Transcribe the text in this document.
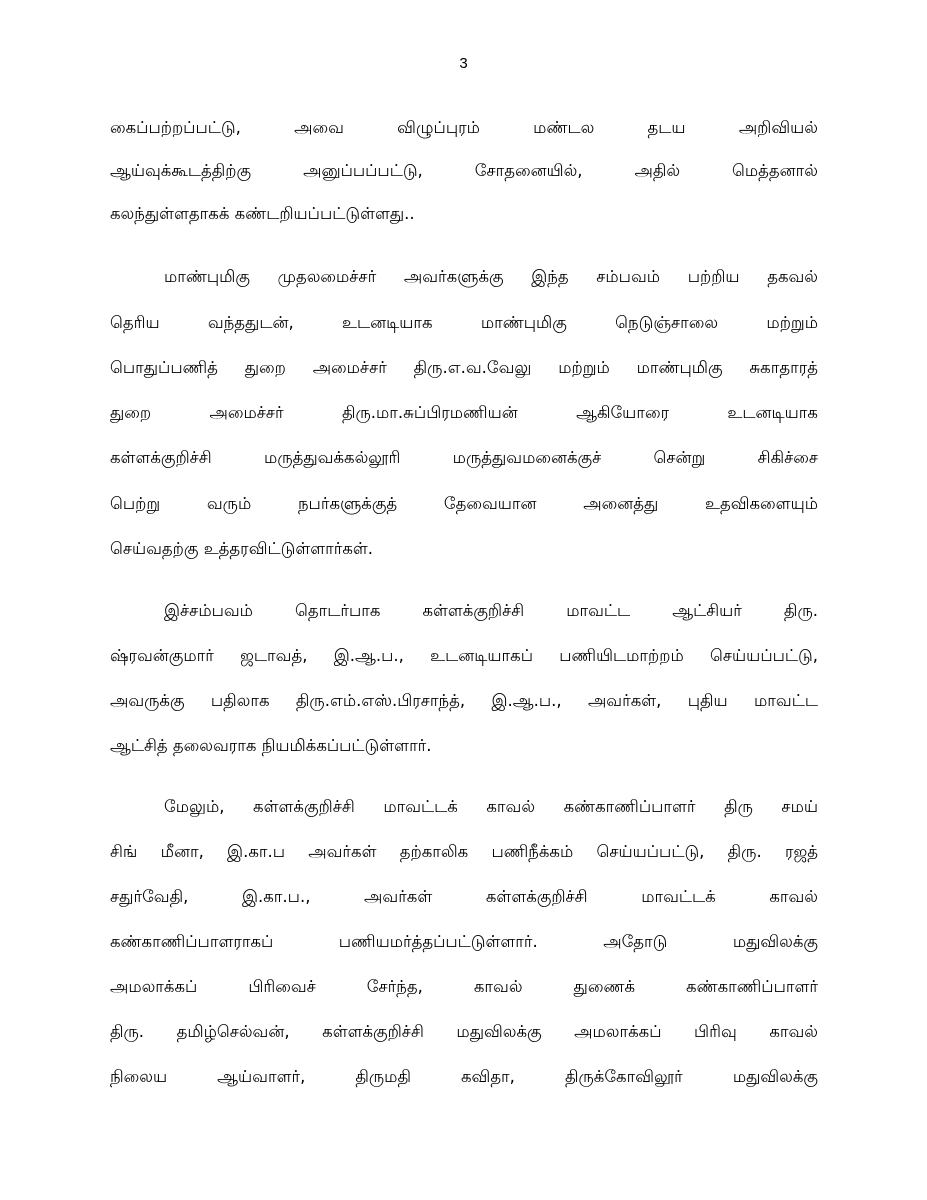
3
கைப்பற்றப்பட்டு, அவை விழுப்புரம் மண்டல தடய அறிவியல்
ஆய்வுக்கூடத்திற்கு அனுப்பப்பட்டு, சோதனையில், அதில் மெத்தனால்
கலந்துள்ளதாகக் கண்டறியப்பட்டுள்ளது..
மாண்புமிகு முதலமைச்சர் அவர்களுக்கு இந்த சம்பவம் பற்றிய தகவல்
தெரிய வந்ததுடன், உடனடியாக மாண்புமிகு நெடுஞ்சாலை மற்றும்
பொதுப்பணித் துறை அமைச்சர் திரு.எ.வ.வேலு மற்றும் மாண்புமிகு சுகாதாரத்
துறை அமைச்சர் திரு.மா.சுப்பிரமணியன் ஆகியோரை உடனடியாக
கள்ளக்குறிச்சி மருத்துவக்கல்லூரி மருத்துவமனைக்குச் சென்று சிகிச்சை
பெற்று வரும் நபர்களுக்குத் தேவையான அனைத்து உதவிகளையும்
செய்வதற்கு உத்தரவிட்டுள்ளார்கள்.
இச்சம்பவம் தொடர்பாக கள்ளக்குறிச்சி மாவட்ட ஆட்சியர் திரு.
ஷ்ரவன்குமார் ஜடாவத், இ.ஆ.ப., உடனடியாகப் பணியிடமாற்றம் செய்யப்பட்டு,
அவருக்கு பதிலாக திரு.எம்.எஸ்.பிரசாந்த், இ.ஆ.ப., அவர்கள், புதிய மாவட்ட
ஆட்சித் தலைவராக நியமிக்கப்பட்டுள்ளார்.
மேலும், கள்ளக்குறிச்சி மாவட்டக் காவல் கண்காணிப்பாளர் திரு சமய்
சிங் மீனா, இ.கா.ப அவர்கள் தற்காலிக பணிநீக்கம் செய்யப்பட்டு, திரு. ரஜத்
சதுர்வேதி, இ.கா.ப., அவர்கள் கள்ளக்குறிச்சி மாவட்டக் காவல்
கண்காணிப்பாளராகப் பணியமர்த்தப்பட்டுள்ளார். அதோடு மதுவிலக்கு
அமலாக்கப் பிரிவைச் சேர்ந்த, காவல் துணைக் கண்காணிப்பாளர்
திரு. தமிழ்செல்வன், கள்ளக்குறிச்சி மதுவிலக்கு அமலாக்கப் பிரிவு காவல்
நிலைய ஆய்வாளர், திருமதி கவிதா, திருக்கோவிலூர் மதுவிலக்கு
